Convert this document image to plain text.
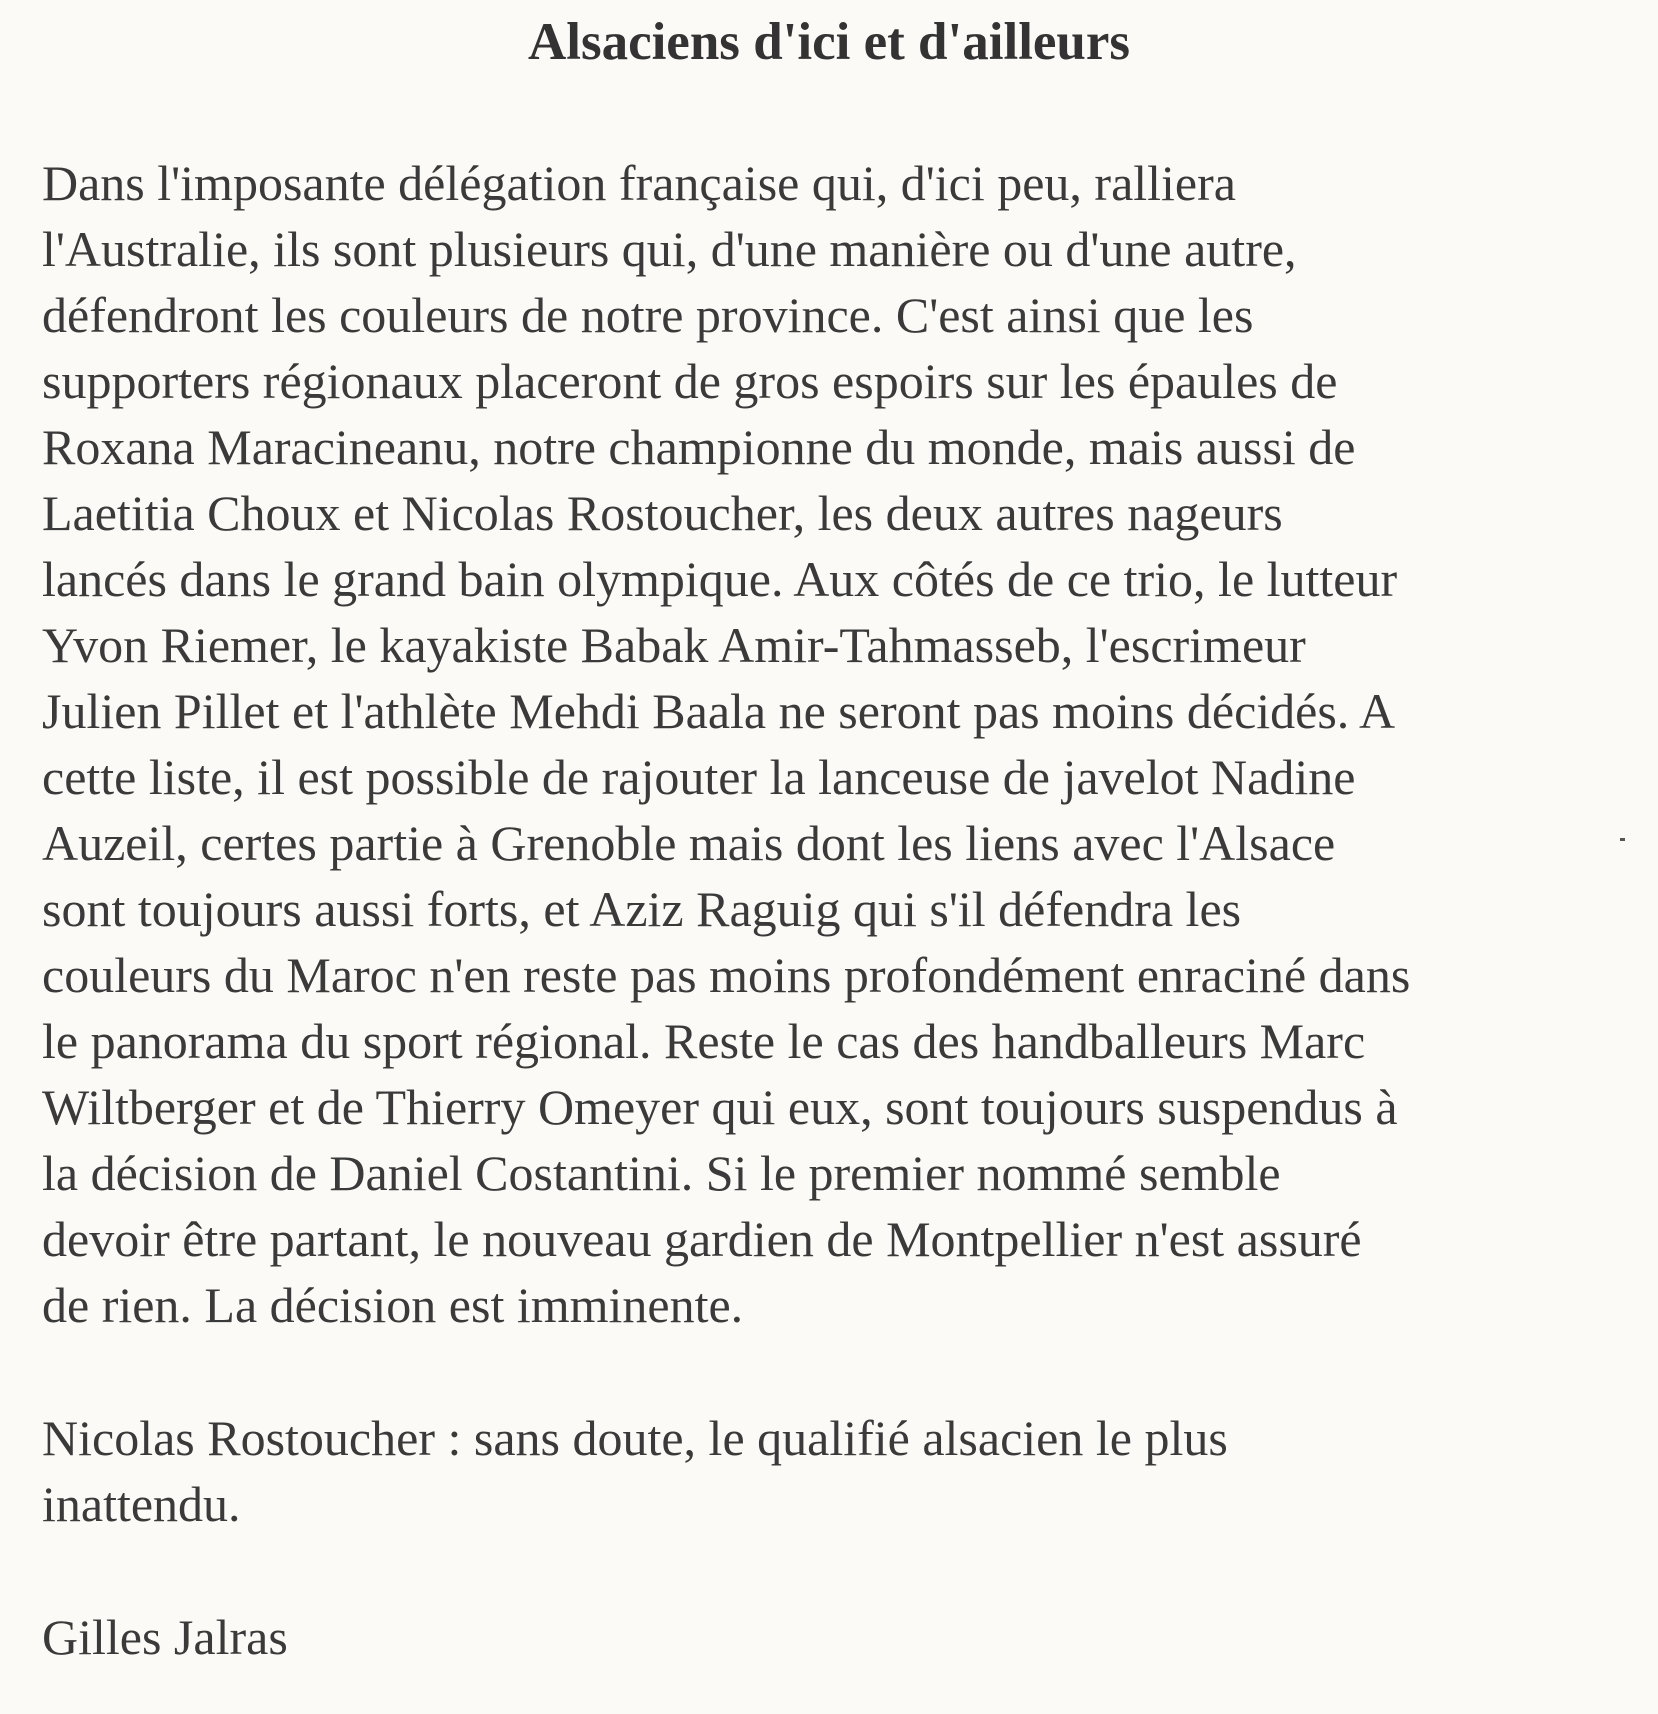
Alsaciens d'ici et d'ailleurs

Dans l'imposante délégation française qui, d'ici peu, ralliera
l'Australie, ils sont plusieurs qui, d'une manière ou d'une autre,
défendront les couleurs de notre province. C'est ainsi que les
supporters régionaux placeront de gros espoirs sur les épaules de
Roxana Maracineanu, notre championne du monde, mais aussi de
Laetitia Choux et Nicolas Rostoucher, les deux autres nageurs
lancés dans le grand bain olympique. Aux côtés de ce trio, le lutteur
Yvon Riemer, le kayakiste Babak Amir-Tahmasseb, l'escrimeur
Julien Pillet et l'athlète Mehdi Baala ne seront pas moins décidés. A
cette liste, il est possible de rajouter la lanceuse de javelot Nadine
Auzeil, certes partie à Grenoble mais dont les liens avec l'Alsace
sont toujours aussi forts, et Aziz Raguig qui s'il défendra les
couleurs du Maroc n'en reste pas moins profondément enraciné dans
le panorama du sport régional. Reste le cas des handballeurs Marc
Wiltberger et de Thierry Omeyer qui eux, sont toujours suspendus à
la décision de Daniel Costantini. Si le premier nommé semble
devoir être partant, le nouveau gardien de Montpellier n'est assuré
de rien. La décision est imminente.

Nicolas Rostoucher : sans doute, le qualifié alsacien le plus
inattendu.

Gilles Jalras
